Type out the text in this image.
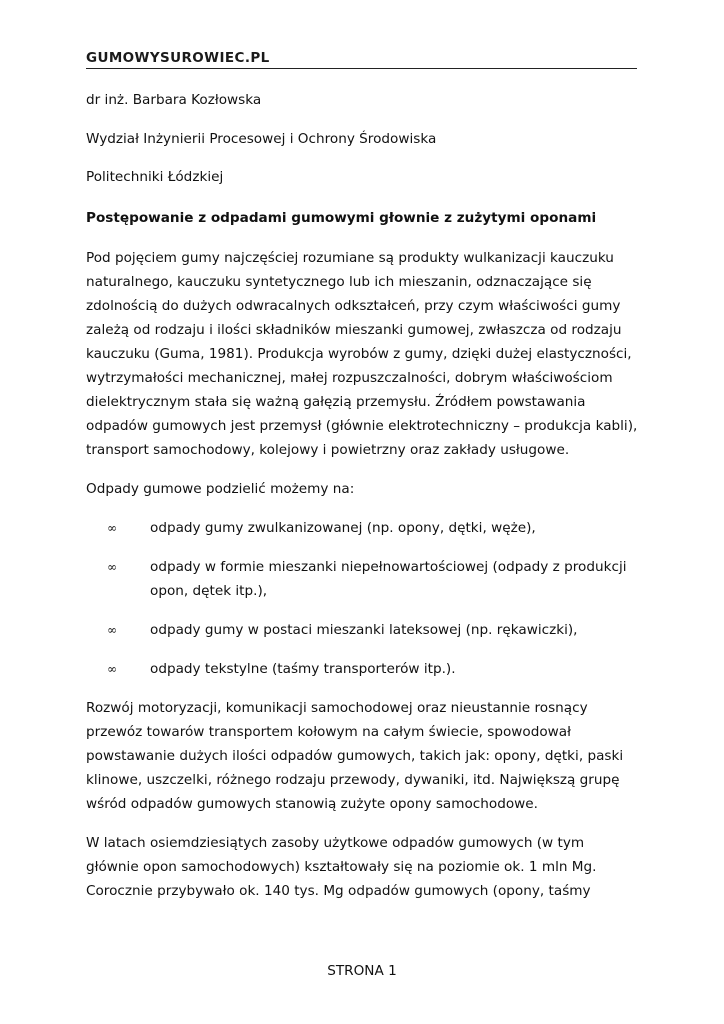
GUMOWYSUROWIEC.PL

dr inż. Barbara Kozłowska

Wydział Inżynierii Procesowej i Ochrony Środowiska

Politechniki Łódzkiej

Postępowanie z odpadami gumowymi głownie z zużytymi oponami

Pod pojęciem gumy najczęściej rozumiane są produkty wulkanizacji kauczuku
naturalnego, kauczuku syntetycznego lub ich mieszanin, odznaczające się
zdolnością do dużych odwracalnych odkształceń, przy czym właściwości gumy
zależą od rodzaju i ilości składników mieszanki gumowej, zwłaszcza od rodzaju
kauczuku (Guma, 1981). Produkcja wyrobów z gumy, dzięki dużej elastyczności,
wytrzymałości mechanicznej, małej rozpuszczalności, dobrym właściwościom
dielektrycznym stała się ważną gałęzią przemysłu. Źródłem powstawania
odpadów gumowych jest przemysł (głównie elektrotechniczny – produkcja kabli),
transport samochodowy, kolejowy i powietrzny oraz zakłady usługowe.

Odpady gumowe podzielić możemy na:

∞ odpady gumy zwulkanizowanej (np. opony, dętki, węże),
∞ odpady w formie mieszanki niepełnowartościowej (odpady z produkcji
opon, dętek itp.),
∞ odpady gumy w postaci mieszanki lateksowej (np. rękawiczki),
∞ odpady tekstylne (taśmy transporterów itp.).

Rozwój motoryzacji, komunikacji samochodowej oraz nieustannie rosnący
przewóz towarów transportem kołowym na całym świecie, spowodował
powstawanie dużych ilości odpadów gumowych, takich jak: opony, dętki, paski
klinowe, uszczelki, różnego rodzaju przewody, dywaniki, itd. Największą grupę
wśród odpadów gumowych stanowią zużyte opony samochodowe.

W latach osiemdziesiątych zasoby użytkowe odpadów gumowych (w tym
głównie opon samochodowych) kształtowały się na poziomie ok. 1 mln Mg.
Corocznie przybywało ok. 140 tys. Mg odpadów gumowych (opony, taśmy

STRONA 1
